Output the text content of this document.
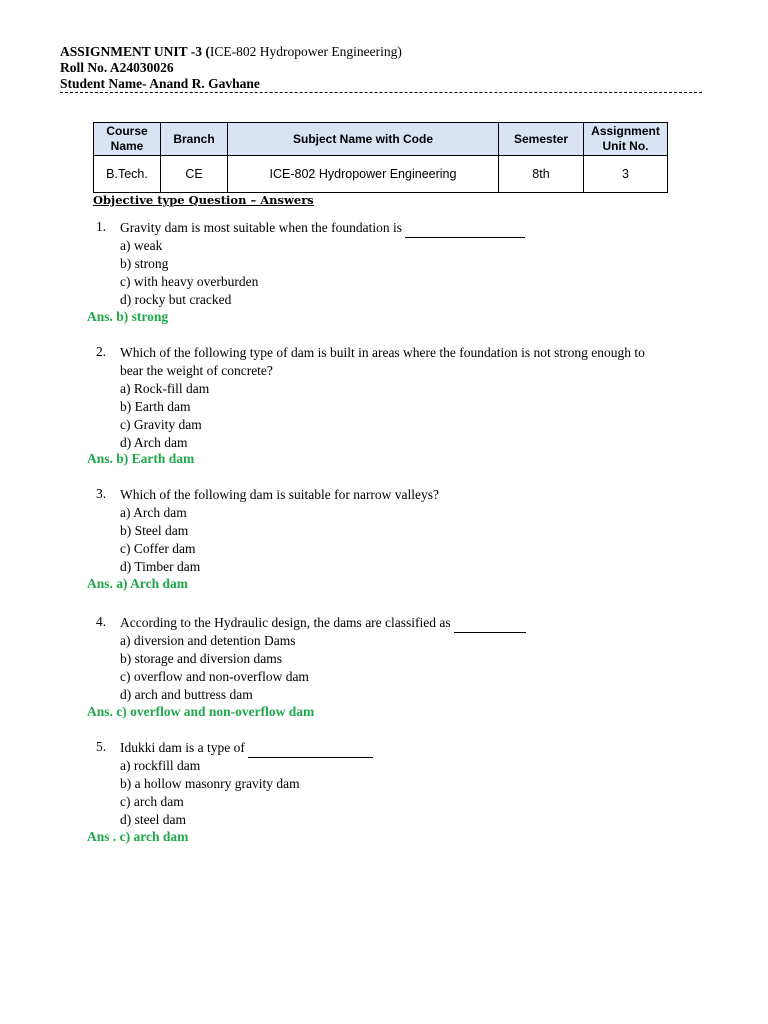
ASSIGNMENT UNIT -3 (ICE-802 Hydropower Engineering)
Roll No. A24030026
Student Name- Anand R. Gavhane
Course Name	Branch	Subject Name with Code	Semester	Assignment Unit No.
B.Tech.	CE	ICE-802 Hydropower Engineering	8th	3
Objective type Question – Answers
1. Gravity dam is most suitable when the foundation is
a) weak
b) strong
c) with heavy overburden
d) rocky but cracked
Ans. b) strong
2. Which of the following type of dam is built in areas where the foundation is not strong enough to bear the weight of concrete?
a) Rock-fill dam
b) Earth dam
c) Gravity dam
d) Arch dam
Ans. b) Earth dam
3. Which of the following dam is suitable for narrow valleys?
a) Arch dam
b) Steel dam
c) Coffer dam
d) Timber dam
Ans. a) Arch dam
4. According to the Hydraulic design, the dams are classified as
a) diversion and detention Dams
b) storage and diversion dams
c) overflow and non-overflow dam
d) arch and buttress dam
Ans. c) overflow and non-overflow dam
5. Idukki dam is a type of
a) rockfill dam
b) a hollow masonry gravity dam
c) arch dam
d) steel dam
Ans . c) arch dam
